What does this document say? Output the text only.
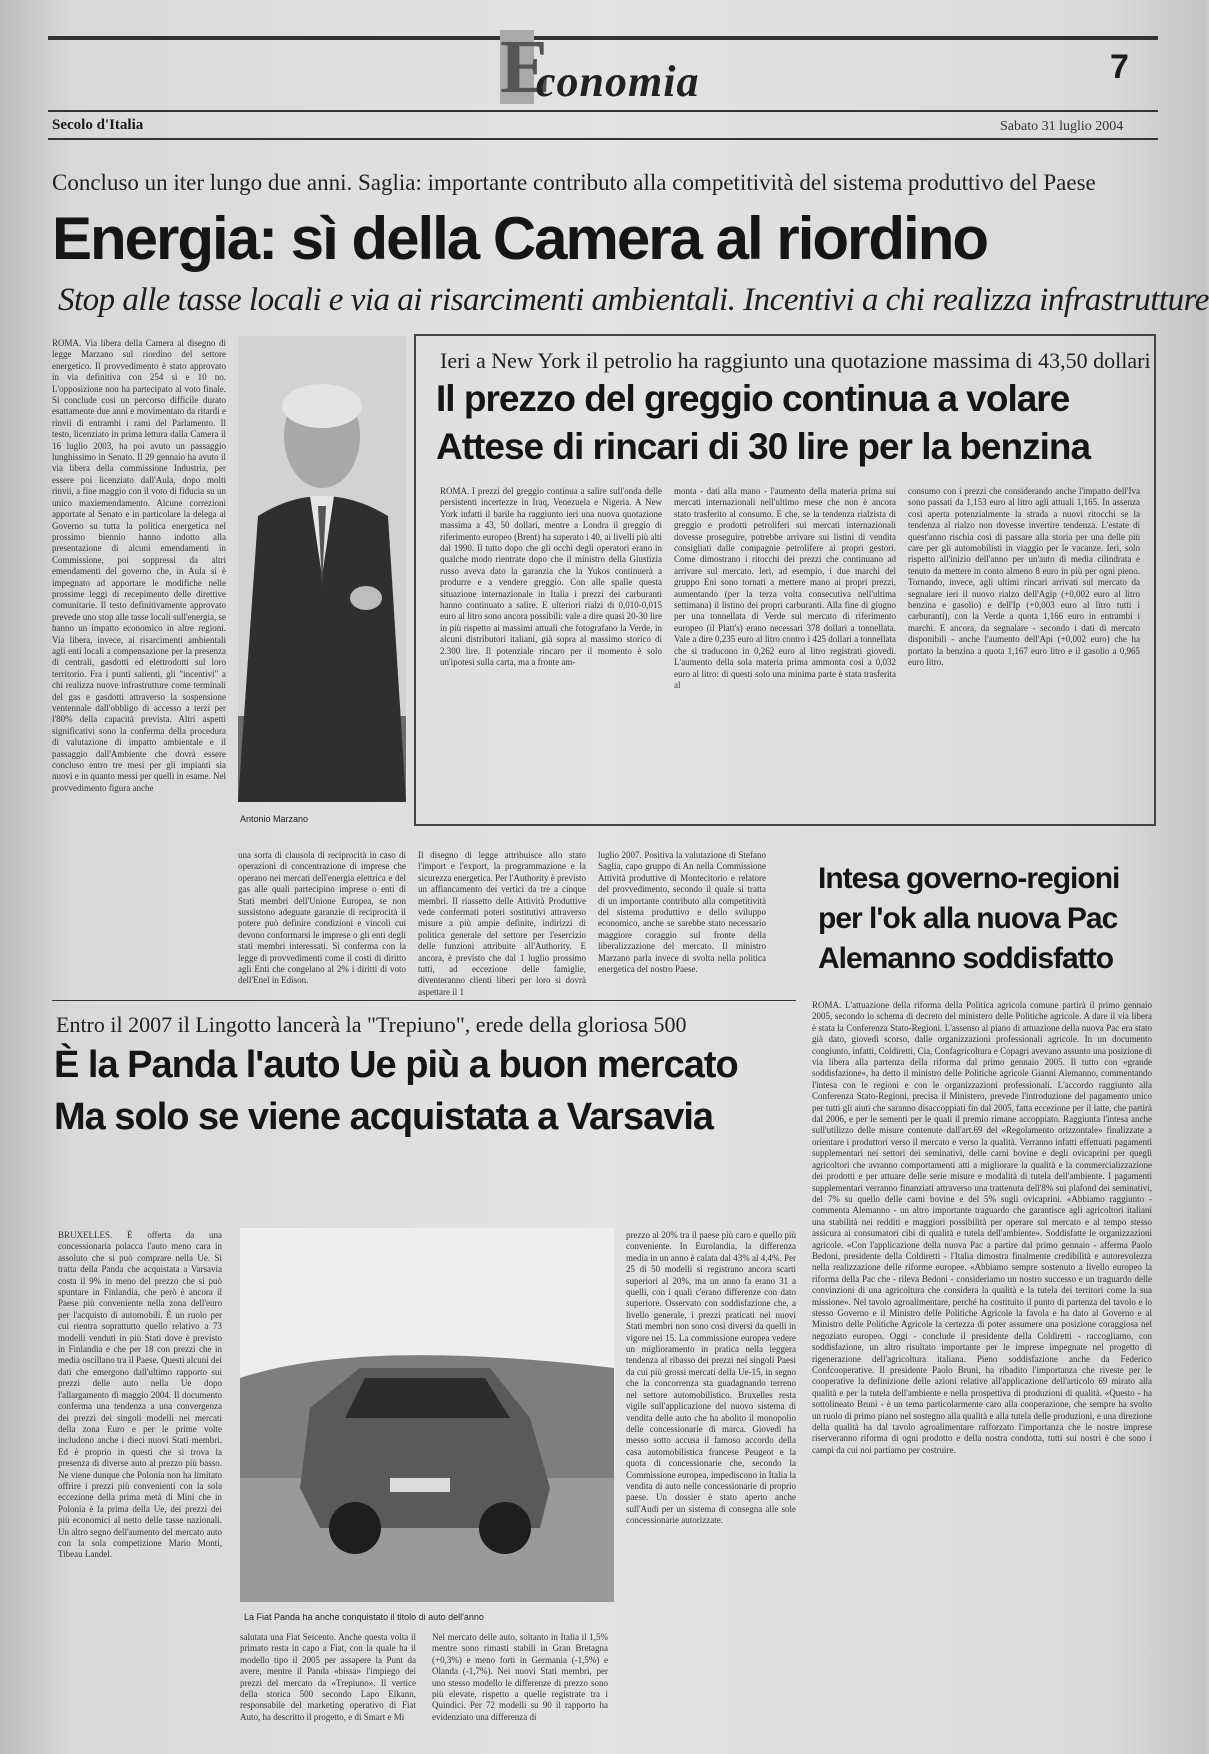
E
conomia	7
Secolo d'Italia	Sabato 31 luglio 2004
Concluso un iter lungo due anni. Saglia: importante contributo alla competitività del sistema produttivo del Paese
Energia: sì della Camera al riordino
Stop alle tasse locali e via ai risarcimenti ambientali. Incentivi a chi realizza infrastrutture
ROMA. Via libera della Camera al disegno di legge Marzano sul riordino del settore energetico. Il provvedimento è stato approvato in via definitiva con 254 sì e 10 no. L'opposizione non ha partecipato al voto finale. Si conclude così un percorso difficile durato esattamente due anni e movimentato da ritardi e rinvii di entrambi i rami del Parlamento. Il testo, licenziato in prima lettura dalla Camera il 16 luglio 2003, ha poi avuto un passaggio lunghissimo in Senato. Il 29 gennaio ha avuto il via libera della commissione Industria, per essere poi licenziato dall'Aula, dopo molti rinvii, a fine maggio con il voto di fiducia su un unico maxiemendamento. Alcune correzioni apportate al Senato e in particolare la delega al Governo su tutta la politica energetica nel prossimo biennio hanno indotto alla presentazione di alcuni emendamenti in Commissione, poi soppressi da altri emendamenti del governo che, in Aula si è impegnato ad apportare le modifiche nelle prossime leggi di recepimento delle direttive comunitarie. Il testo definitivamente approvato prevede uno stop alle tasse locali sull'energia, se hanno un impatto economico in altre regioni. Via libera, invece, ai risarcimenti ambientali agli enti locali a compensazione per la presenza di centrali, gasdotti ed elettrodotti sul loro territorio. Fra i punti salienti, gli "incentivi" a chi realizza nuove infrastrutture come terminali del gas e gasdotti attraverso la sospensione ventennale dall'obbligo di accesso a terzi per l'80% della capacità prevista. Altri aspetti significativi sono la conferma della procedura di valutazione di impatto ambientale e il passaggio dall'Ambiente che dovrà essere concluso entro tre mesi per gli impianti sia nuovi e in quanto messi per quelli in esame. Nel provvedimento figura anche
Antonio Marzano
una sorta di clausola di reciprocità in caso di operazioni di concentrazione di imprese che operano nei mercati dell'energia elettrica e del gas alle quali partecipino imprese o enti di Stati membri dell'Unione Europea, se non sussistono adeguate garanzie di reciprocità il potere può definire condizioni e vincoli cui devono conformarsi le imprese o gli enti degli stati membri interessati. Si conferma con la legge di provvedimenti come il costi di diritto agli Enti che congelano al 2% i diritti di voto dell'Enel in Edison.
Il disegno di legge attribuisce allo stato l'import e l'export, la programmazione e la sicurezza energetica. Per l'Authority è previsto un affiancamento dei vertici da tre a cinque membri. Il riassetto delle Attività Produttive vede confermati poteri sostitutivi attraverso misure a più ampie definite, indirizzi di politica generale del settore per l'esercizio delle funzioni attribuite all'Authority. E ancora, è previsto che dal 1 luglio prossimo tutti, ad eccezione delle famiglie, diventeranno clienti liberi per loro si dovrà aspettare il 1
luglio 2007. Positiva la valutazione di Stefano Saglia, capo gruppo di An nella Commissione Attività produttive di Montecitorio e relatore del provvedimento, secondo il quale si tratta di un importante contributo alla competitività del sistema produttivo e dello sviluppo economico, anche se sarebbe stato necessario maggiore coraggio sul fronte della liberalizzazione del mercato. Il ministro Marzano parla invece di svolta nella politica energetica del nostro Paese.
Ieri a New York il petrolio ha raggiunto una quotazione massima di 43,50 dollari
Il prezzo del greggio continua a volare
Attese di rincari di 30 lire per la benzina
ROMA. I prezzi del greggio continua a salire sull'onda delle persistenti incertezze in Iraq, Venezuela e Nigeria. A New York infatti il barile ha raggiunto ieri una nuova quotazione massima a 43, 50 dollari, mentre a Londra il greggio di riferimento europeo (Brent) ha superato i 40, ai livelli più alti dal 1990. Il tutto dopo che gli occhi degli operatori erano in qualche modo rientrate dopo che il ministro della Giustizia russo aveva dato la garanzia che la Yukos continuerà a produrre e a vendere greggio. Con alle spalle questa situazione internazionale in Italia i prezzi dei carburanti hanno continuato a salire. E ulteriori rialzi di 0,010-0,015 euro al litro sono ancora possibili: vale a dire quasi 20-30 lire in più rispetto ai massimi attuali che fotografano la Verde, in alcuni distributori italiani, già sopra al massimo storico di 2.300 lire. Il potenziale rincaro per il momento è solo un'ipotesi sulla carta, ma a fronte am-
monta - dati alla mano - l'aumento della materia prima sui mercati internazionali nell'ultimo mese che non è ancora stato trasferito al consumo. E che, se la tendenza rialzista di greggio e prodotti petroliferi sui mercati internazionali dovesse proseguire, potrebbe arrivare sui listini di vendita consigliati dalle compagnie petrolifere ai propri gestori. Come dimostrano i ritocchi dei prezzi che continuano ad arrivare sul mercato. Ieri, ad esempio, i due marchi del gruppo Eni sono tornati a mettere mano ai propri prezzi, aumentando (per la terza volta consecutiva nell'ultima settimana) il listino dei propri carburanti. Alla fine di giugno per una tonnellata di Verde sul mercato di riferimento europeo (il Platt's) erano necessari 378 dollari a tonnellata. Vale a dire 0,235 euro al litro contro i 425 dollari a tonnellata che si traducono in 0,262 euro al litro registrati giovedì. L'aumento della sola materia prima ammonta così a 0,032 euro al litro: di questi solo una minima parte è stata trasferita al
consumo con i prezzi che considerando anche l'impatto dell'Iva sono passati da 1,153 euro al litro agli attuali 1,165. In assenza così aperta potenzialmente la strada a nuovi ritocchi se la tendenza al rialzo non dovesse invertire tendenza. L'estate di quest'anno rischia così di passare alla storia per una delle più care per gli automobilisti in viaggio per le vacanze. Ieri, solo rispetto all'inizio dell'anno per un'auto di media cilindrata e tenuto da mettere in conto almeno 8 euro in più per ogni pieno. Tornando, invece, agli ultimi rincari arrivati sul mercato da segnalare ieri il nuovo rialzo dell'Agip (+0,002 euro al litro benzina e gasolio) e dell'Ip (+0,003 euro al litro tutti i carburanti), con la Verde a quota 1,166 euro in entrambi i marchi. E ancora, da segnalare - secondo i dati di mercato disponibili - anche l'aumento dell'Api (+0,002 euro) che ha portato la benzina a quota 1,167 euro litro e il gasolio a 0,965 euro litro.
Intesa governo-regioni
per l'ok alla nuova Pac
Alemanno soddisfatto
ROMA. L'attuazione della riforma della Politica agricola comune partirà il primo gennaio 2005, secondo lo schema di decreto del ministero delle Politiche agricole. A dare il via libera è stata la Conferenza Stato-Regioni. L'assenso al piano di attuazione della nuova Pac era stato già dato, giovedì scorso, dalle organizzazioni professionali agricole. In un documento congiunto, infatti, Coldiretti, Cia, Confagricoltura e Copagri avevano assunto una posizione di via libera alla partenza della riforma dal primo gennaio 2005. Il tutto con «grande soddisfazione», ha detto il ministro delle Politiche agricole Gianni Alemanno, commentando l'intesa con le regioni e con le organizzazioni professionali. L'accordo raggiunto alla Conferenza Stato-Regioni, precisa il Ministero, prevede l'introduzione del pagamento unico per tutti gli aiuti che saranno disaccoppiati fin dal 2005, fatta eccezione per il latte, che partirà dal 2006, e per le sementi per le quali il premio rimane accoppiato. Raggiunta l'intesa anche sull'utilizzo delle misure contenute dall'art.69 del «Regolamento orizzontale» finalizzate a orientare i produttori verso il mercato e verso la qualità. Verranno infatti effettuati pagamenti supplementari nei settori dei seminativi, delle carni bovine e degli ovicaprini per quegli agricoltori che avranno comportamenti atti a migliorare la qualità e la commercializzazione dei prodotti e per attuare delle serie misure e modalità di tutela dell'ambiente. I pagamenti supplementari verranno finanziati attraverso una trattenuta dell'8% sui plafond dei seminativi, del 7% su quello delle carni bovine e del 5% sugli ovicaprini. «Abbiamo raggiunto - commenta Alemanno - un altro importante traguardo che garantisce agli agricoltori italiani una stabilità nei redditi e maggiori possibilità per operare sul mercato e al tempo stesso assicura ai consumatori cibi di qualità e tutela dell'ambiente». Soddisfatte le organizzazioni agricole. «Con l'applicazione della nuova Pac a partire dal primo gennaio - afferma Paolo Bedoni, presidente della Coldiretti - l'Italia dimostra finalmente credibilità e autorevolezza nella realizzazione delle riforme europee. «Abbiamo sempre sostenuto a livello europeo la riforma della Pac che - rileva Bedoni - consideriamo un nostro successo e un traguardo delle convinzioni di una agricoltura che considera la qualità e la tutela dei territori come la sua missione». Nel tavolo agroalimentare, perché ha costituito il punto di partenza del tavolo e lo stesso Governo e il Ministro delle Politiche Agricole la favola e ha dato al Governo e al Ministro delle Politiche Agricole la certezza di poter assumere una posizione coraggiosa nel negoziato europeo. Oggi - conclude il presidente della Coldiretti - raccogliamo, con soddisfazione, un altro risultato importante per le imprese impegnate nel progetto di rigenerazione dell'agricoltura italiana. Pieno soddisfazione anche da Federico Confcooperative. Il presidente Paolo Bruni, ha ribadito l'importanza che riveste per le cooperative la definizione delle azioni relative all'applicazione dell'articolo 69 mirato alla qualità e per la tutela dell'ambiente e nella prospettiva di produzioni di qualità. «Questo - ha sottolineato Bruni - è un tema particolarmente caro alla cooperazione, che sempre ha svolto un ruolo di primo piano nel sostegno alla qualità e alla tutela delle produzioni, e una direzione della qualità ha dal tavolo agroalimentare rafforzato l'importanza che le nostre imprese riserveranno riforma di ogni prodotto e della nostra condotta, tutti sui nostri è che sono i campi da cui noi partiamo per costruire.
Entro il 2007 il Lingotto lancerà la "Trepiuno", erede della gloriosa 500
È la Panda l'auto Ue più a buon mercato
Ma solo se viene acquistata a Varsavia
BRUXELLES. È offerta da una concessionaria polacca l'auto meno cara in assoluto che si può comprare nella Ue. Si tratta della Panda che acquistata a Varsavia costa il 9% in meno del prezzo che si può spuntare in Finlandia, che però è ancora il Paese più conveniente nella zona dell'euro per l'acquisto di automobili. È un ruolo per cui rientra soprattutto quello relativo a 73 modelli venduti in più Stati dove è previsto in Finlandia e che per 18 con prezzi che in media oscillano tra il Paese. Questi alcuni dei dati che emergono dall'ultimo rapporto sui prezzi delle auto nella Ue dopo l'allargamento di maggio 2004. Il documento conferma una tendenza a una convergenza dei prezzi dei singoli modelli nei mercati della zona Euro e per le prime volte includono anche i dieci nuovi Stati membri. Ed è proprio in questi che si trova la presenza di diverse auto al prezzo più basso. Ne viene dunque che Polonia non ha limitato offrire i prezzi più convenienti con la sola eccezione della prima metà di Mini che in Polonia è la prima della Ue, dei prezzi dei più economici al netto delle tasse nazionali. Un altro segno dell'aumento del mercato auto con la sola competizione Mario Monti, Tibeau Landel.
La Fiat Panda ha anche conquistato il titolo di auto dell'anno
salutata una Fiat Seicento. Anche questa volta il primato resta in capo a Fiat, con la quale ha il modello tipo il 2005 per assapere la Punt da avere, mentre il Panda «bissa» l'impiego dei prezzi del mercato da «Trepiuno». Il vertice della storica 500 secondo Lapo Elkann, responsabile del marketing operativo di Fiat Auto, ha descritto il progetto, e di Smart e Mi
Nel mercato delle auto, soltanto in Italia il 1,5% mentre sono rimasti stabili in Gran Bretagna (+0,3%) e meno forti in Germania (-1,5%) e Olanda (-1,7%). Nei nuovi Stati membri, per uno stesso modello le differenze di prezzo sono più elevate, rispetto a quelle registrate tra i Quindici. Per 72 modelli su 90 il rapporto ha evidenziato una differenza di
prezzo al 20% tra il paese più caro e quello più conveniente. In Eurolandia, la differenza media in un anno è calata dal 43% al 4,4%. Per 25 di 50 modelli si registrano ancora scarti superiori al 20%, ma un anno fa erano 31 a quelli, con i quali c'erano differenze con dato superiore. Osservato con soddisfazione che, a livello generale, i prezzi praticati nei nuovi Stati membri non sono così diversi da quelli in vigore nei 15. La commissione europea vedere un miglioramento in pratica nella leggera tendenza al ribasso dei prezzi nei singoli Paesi da cui più grossi mercati della Ue-15, in segno che la concorrenza sta guadagnando terreno nel settore automobilistico. Bruxelles resta vigile sull'applicazione del nuovo sistema di vendita delle auto che ha abolito il monopolio delle concessionarie di marca. Giovedì ha messo sotto accusa il famoso accordo della casa automobilistica francese Peugeot e la quota di concessionarie che, secondo la Commissione europea, impediscono in Italia la vendita di auto nelle concessionarie di proprio paese. Un dossier è stato aperto anche sull'Audi per un sistema di consegna alle sole concessionarie autorizzate.
